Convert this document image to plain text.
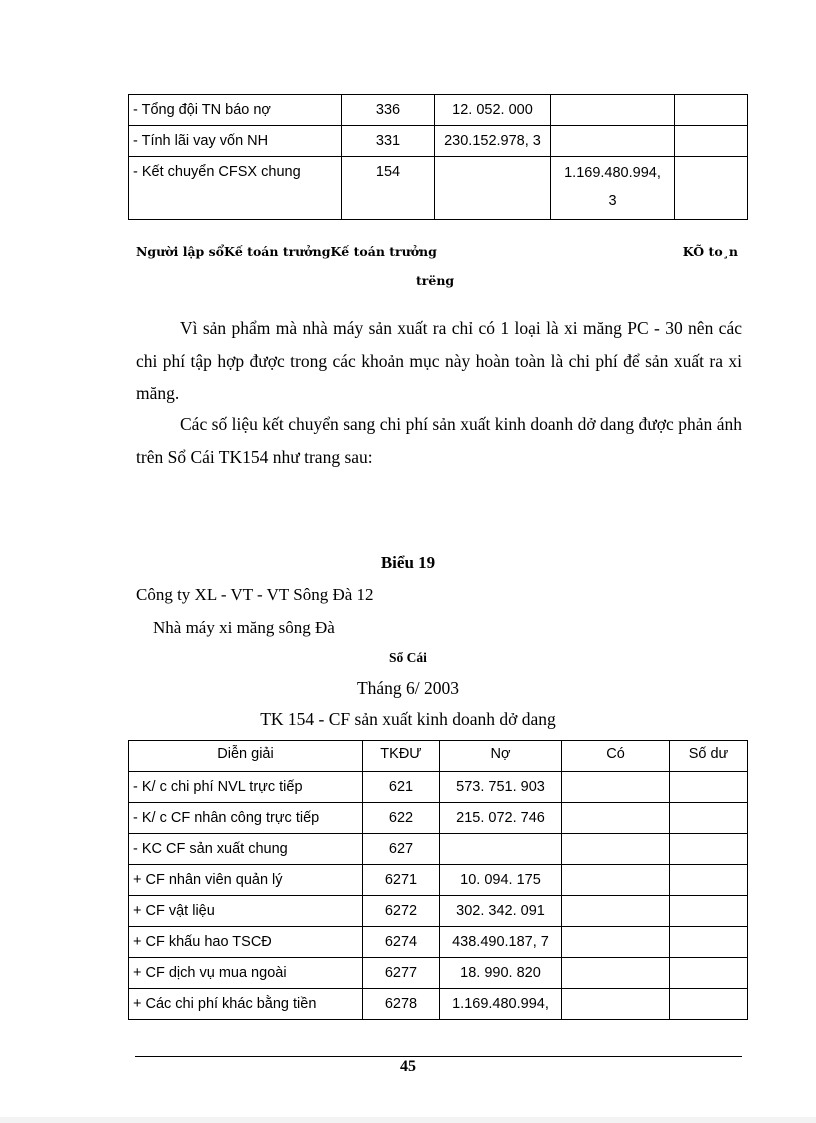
- Tổng đội TN báo nợ	336	12. 052. 000		
- Tính lãi vay vốn NH	331	230.152.978, 3		
- Kết chuyển CFSX chung	154		1.169.480.994,
3	

Người lập sổKế toán trưởngKế toán trưởng	KÕ to¸n
trëng

Vì sản phẩm mà nhà máy sản xuất ra chỉ có 1 loại là xi măng PC - 30 nên các chi phí tập hợp được trong các khoản mục này hoàn toàn là chi phí để sản xuất ra xi măng.

Các số liệu kết chuyển sang chi phí sản xuất kinh doanh dở dang được phản ánh trên Sổ Cái TK154 như trang sau:

Biểu 19
Công ty XL - VT - VT Sông Đà 12
Nhà máy xi măng sông Đà
Sổ Cái
Tháng 6/ 2003
TK 154 - CF sản xuất kinh doanh dở dang
Diễn giải	TKĐƯ	Nợ	Có	Số dư
- K/ c chi phí NVL trực tiếp	621	573. 751. 903		
- K/ c CF nhân công trực tiếp	622	215. 072. 746		
- KC CF sản xuất chung	627			
+ CF nhân viên quản lý	6271	10. 094. 175		
+ CF vật liệu	6272	302. 342. 091		
+ CF khấu hao TSCĐ	6274	438.490.187, 7		
+ CF dịch vụ mua ngoài	6277	18. 990. 820		
+ Các chi phí khác bằng tiền	6278	1.169.480.994,		
45
